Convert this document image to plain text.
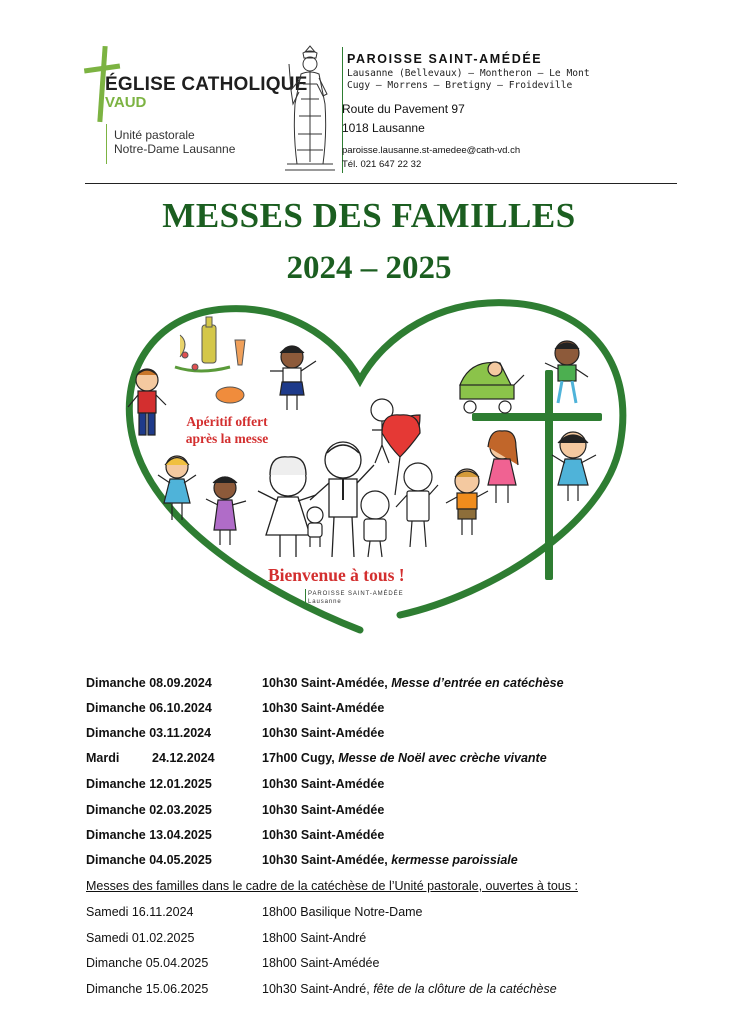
ÉGLISE CATHOLIQUE
VAUD
Unité pastorale
Notre-Dame Lausanne
PAROISSE SAINT-AMÉDÉE
Lausanne (Bellevaux) – Montheron – Le Mont
Cugy – Morrens – Bretigny – Froideville
Route du Pavement 97
1018 Lausanne
paroisse.lausanne.st-amedee@cath-vd.ch
Tél. 021 647 22 32
MESSES DES FAMILLES
2024 – 2025
Apéritif offert
après la messe
Bienvenue à tous !
PAROISSE SAINT-AMÉDÉE
Lausanne
Dimanche 08.09.2024	10h30 Saint-Amédée, Messe d’entrée en catéchèse
Dimanche 06.10.2024	10h30 Saint-Amédée
Dimanche 03.11.2024	10h30 Saint-Amédée
Mardi	24.12.2024	17h00 Cugy, Messe de Noël avec crèche vivante
Dimanche 12.01.2025	10h30 Saint-Amédée
Dimanche 02.03.2025	10h30 Saint-Amédée
Dimanche 13.04.2025	10h30 Saint-Amédée
Dimanche 04.05.2025	10h30 Saint-Amédée, kermesse paroissiale
Messes des familles dans le cadre de la catéchèse de l’Unité pastorale, ouvertes à tous :
Samedi 16.11.2024	18h00 Basilique Notre-Dame
Samedi 01.02.2025	18h00 Saint-André
Dimanche 05.04.2025	18h00 Saint-Amédée
Dimanche 15.06.2025	10h30 Saint-André, fête de la clôture de la catéchèse
